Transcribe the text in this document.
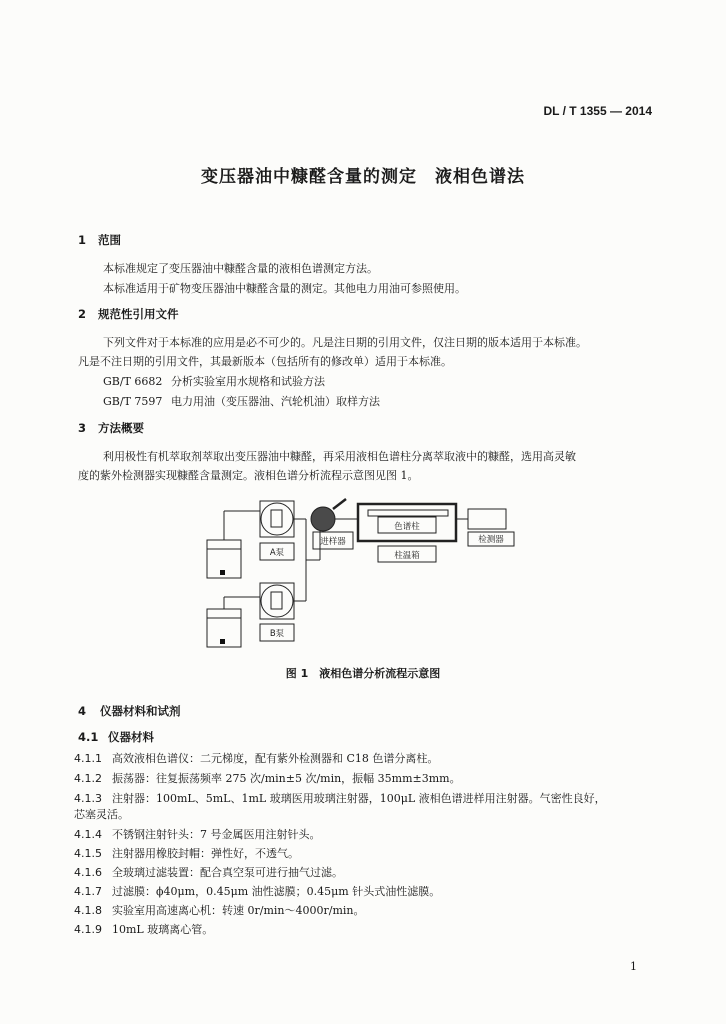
DL / T 1355 — 2014
变压器油中糠醛含量的测定　液相色谱法
1 范围
本标准规定了变压器油中糠醛含量的液相色谱测定方法。
本标准适用于矿物变压器油中糠醛含量的测定。其他电力用油可参照使用。
2 规范性引用文件
下列文件对于本标准的应用是必不可少的。凡是注日期的引用文件，仅注日期的版本适用于本标准。
凡是不注日期的引用文件，其最新版本（包括所有的修改单）适用于本标准。
GB/T 6682 分析实验室用水规格和试验方法
GB/T 7597 电力用油（变压器油、汽轮机油）取样方法
3 方法概要
利用极性有机萃取剂萃取出变压器油中糠醛，再采用液相色谱柱分离萃取液中的糠醛，选用高灵敏
度的紫外检测器实现糠醛含量测定。液相色谱分析流程示意图见图 1。
A泵
B泵
进样器
色谱柱
柱温箱
检测器
图 1　液相色谱分析流程示意图
4 仪器材料和试剂
4.1 仪器材料
4.1.1 高效液相色谱仪：二元梯度，配有紫外检测器和 C18 色谱分离柱。
4.1.2 振荡器：往复振荡频率 275 次/min±5 次/min，振幅 35mm±3mm。
4.1.3 注射器：100mL、5mL、1mL 玻璃医用玻璃注射器，100μL 液相色谱进样用注射器。气密性良好，
芯塞灵活。
4.1.4 不锈钢注射针头：7 号金属医用注射针头。
4.1.5 注射器用橡胶封帽：弹性好，不透气。
4.1.6 全玻璃过滤装置：配合真空泵可进行抽气过滤。
4.1.7 过滤膜：ϕ40μm，0.45μm 油性滤膜；0.45μm 针头式油性滤膜。
4.1.8 实验室用高速离心机：转速 0r/min～4000r/min。
4.1.9 10mL 玻璃离心管。
1
